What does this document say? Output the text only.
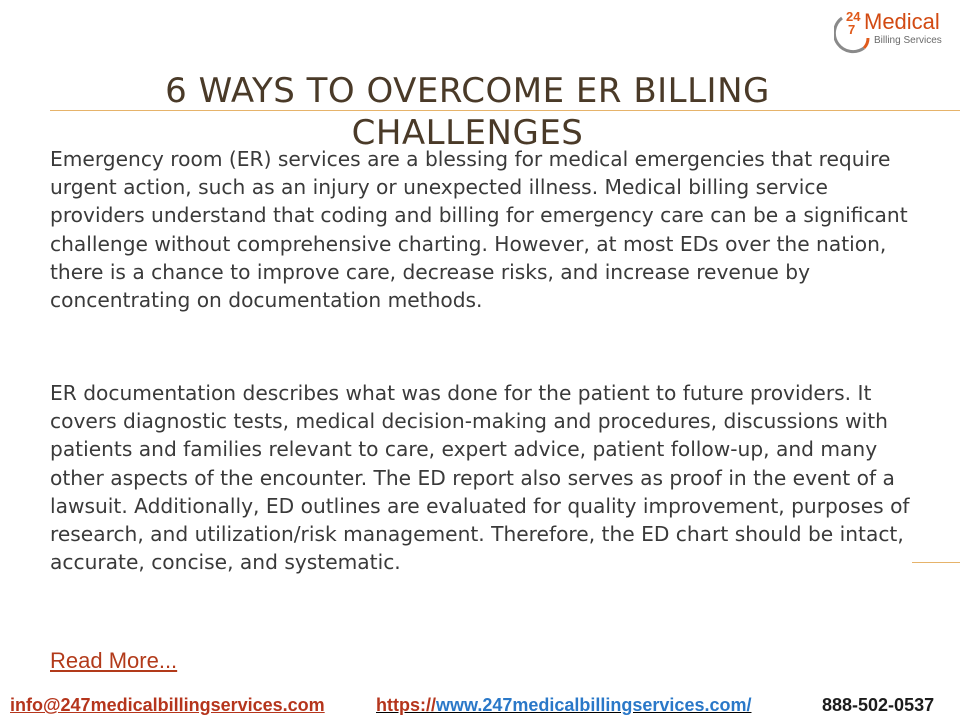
24
7 Medical
Billing Services
6 WAYS TO OVERCOME ER BILLING CHALLENGES

Emergency room (ER) services are a blessing for medical emergencies that require urgent action, such as an injury or unexpected illness. Medical billing service providers understand that coding and billing for emergency care can be a significant challenge without comprehensive charting. However, at most EDs over the nation, there is a chance to improve care, decrease risks, and increase revenue by concentrating on documentation methods.

ER documentation describes what was done for the patient to future providers. It covers diagnostic tests, medical decision-making and procedures, discussions with patients and families relevant to care, expert advice, patient follow-up, and many other aspects of the encounter. The ED report also serves as proof in the event of a lawsuit. Additionally, ED outlines are evaluated for quality improvement, purposes of research, and utilization/risk management. Therefore, the ED chart should be intact, accurate, concise, and systematic.

Read More...
info@247medicalbillingservices.com	https://www.247medicalbillingservices.com/	888-502-0537
